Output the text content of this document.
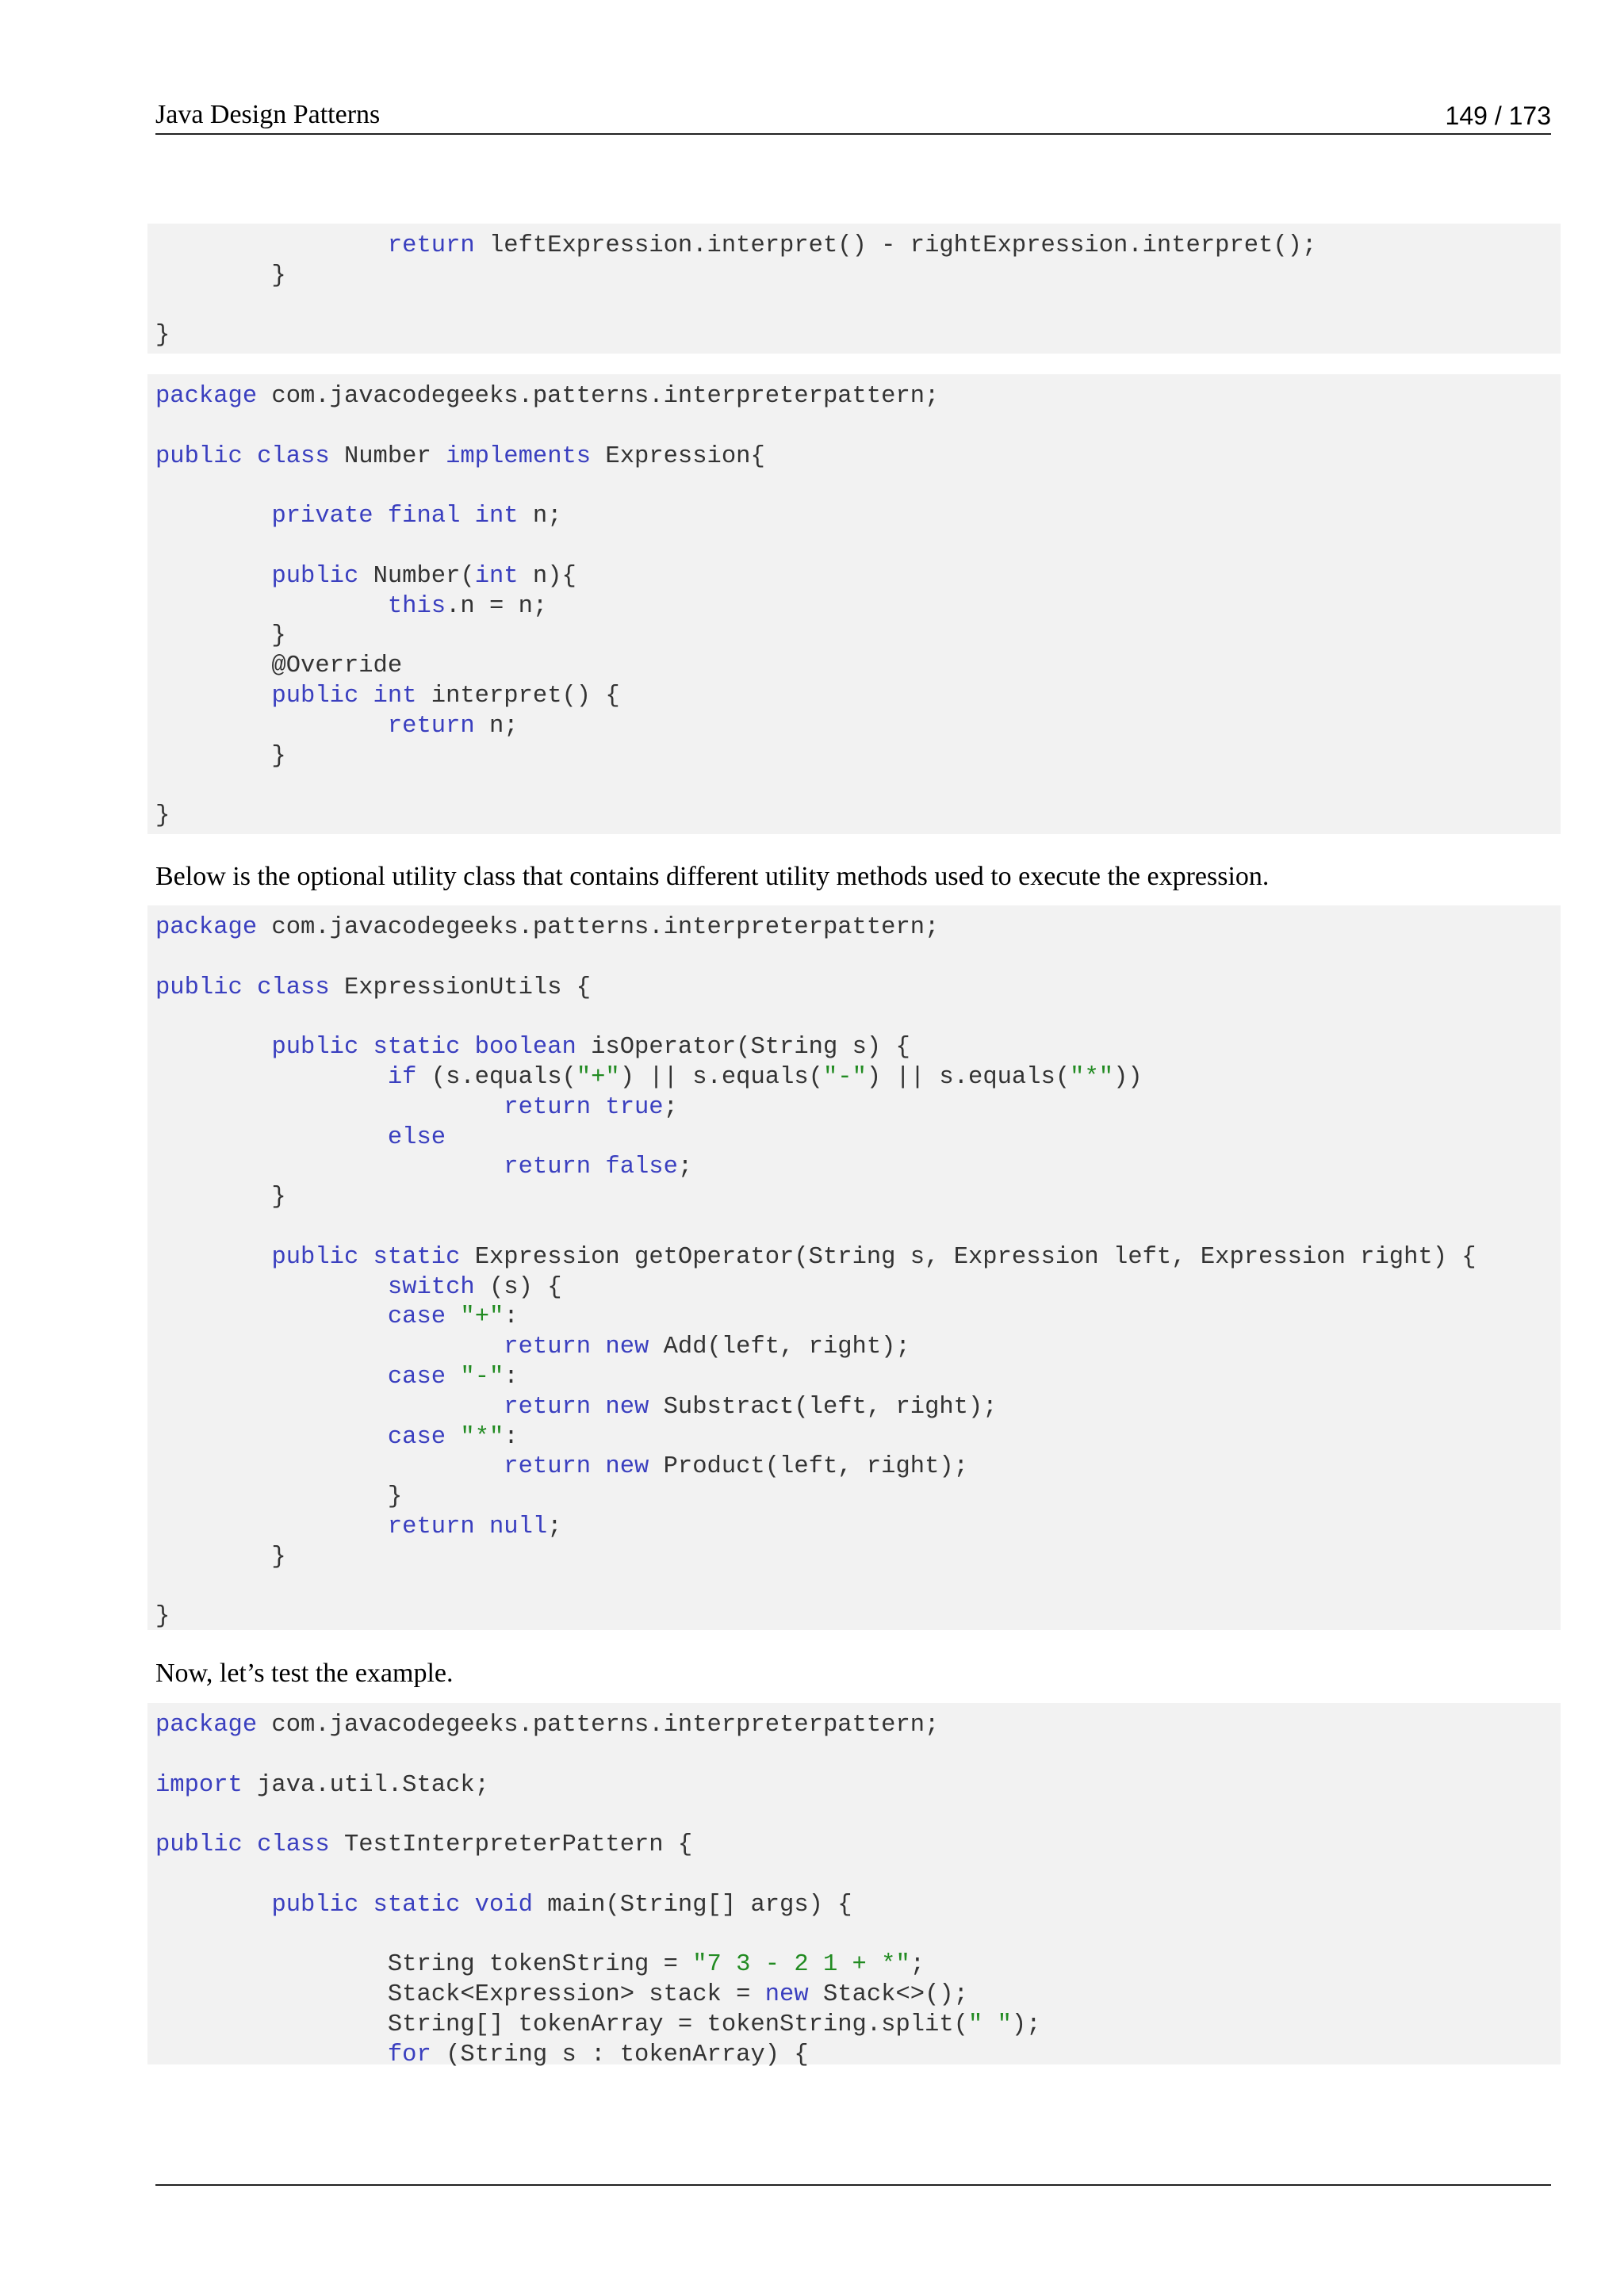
Java Design Patterns	149 / 173
return leftExpression.interpret() - rightExpression.interpret();
}

}
package com.javacodegeeks.patterns.interpreterpattern;

public class Number implements Expression{

private final int n;

public Number(int n){
this.n = n;
}
@Override
public int interpret() {
return n;
}

}
Below is the optional utility class that contains different utility methods used to execute the expression.
package com.javacodegeeks.patterns.interpreterpattern;

public class ExpressionUtils {

public static boolean isOperator(String s) {
if (s.equals("+") || s.equals("-") || s.equals("*"))
return true;
else
return false;
}

public static Expression getOperator(String s, Expression left, Expression right) {
switch (s) {
case "+":
return new Add(left, right);
case "-":
return new Substract(left, right);
case "*":
return new Product(left, right);
}
return null;
}

}
Now, let’s test the example.
package com.javacodegeeks.patterns.interpreterpattern;

import java.util.Stack;

public class TestInterpreterPattern {

public static void main(String[] args) {

String tokenString = "7 3 - 2 1 + *";
Stack<Expression> stack = new Stack<>();
String[] tokenArray = tokenString.split(" ");
for (String s : tokenArray) {
